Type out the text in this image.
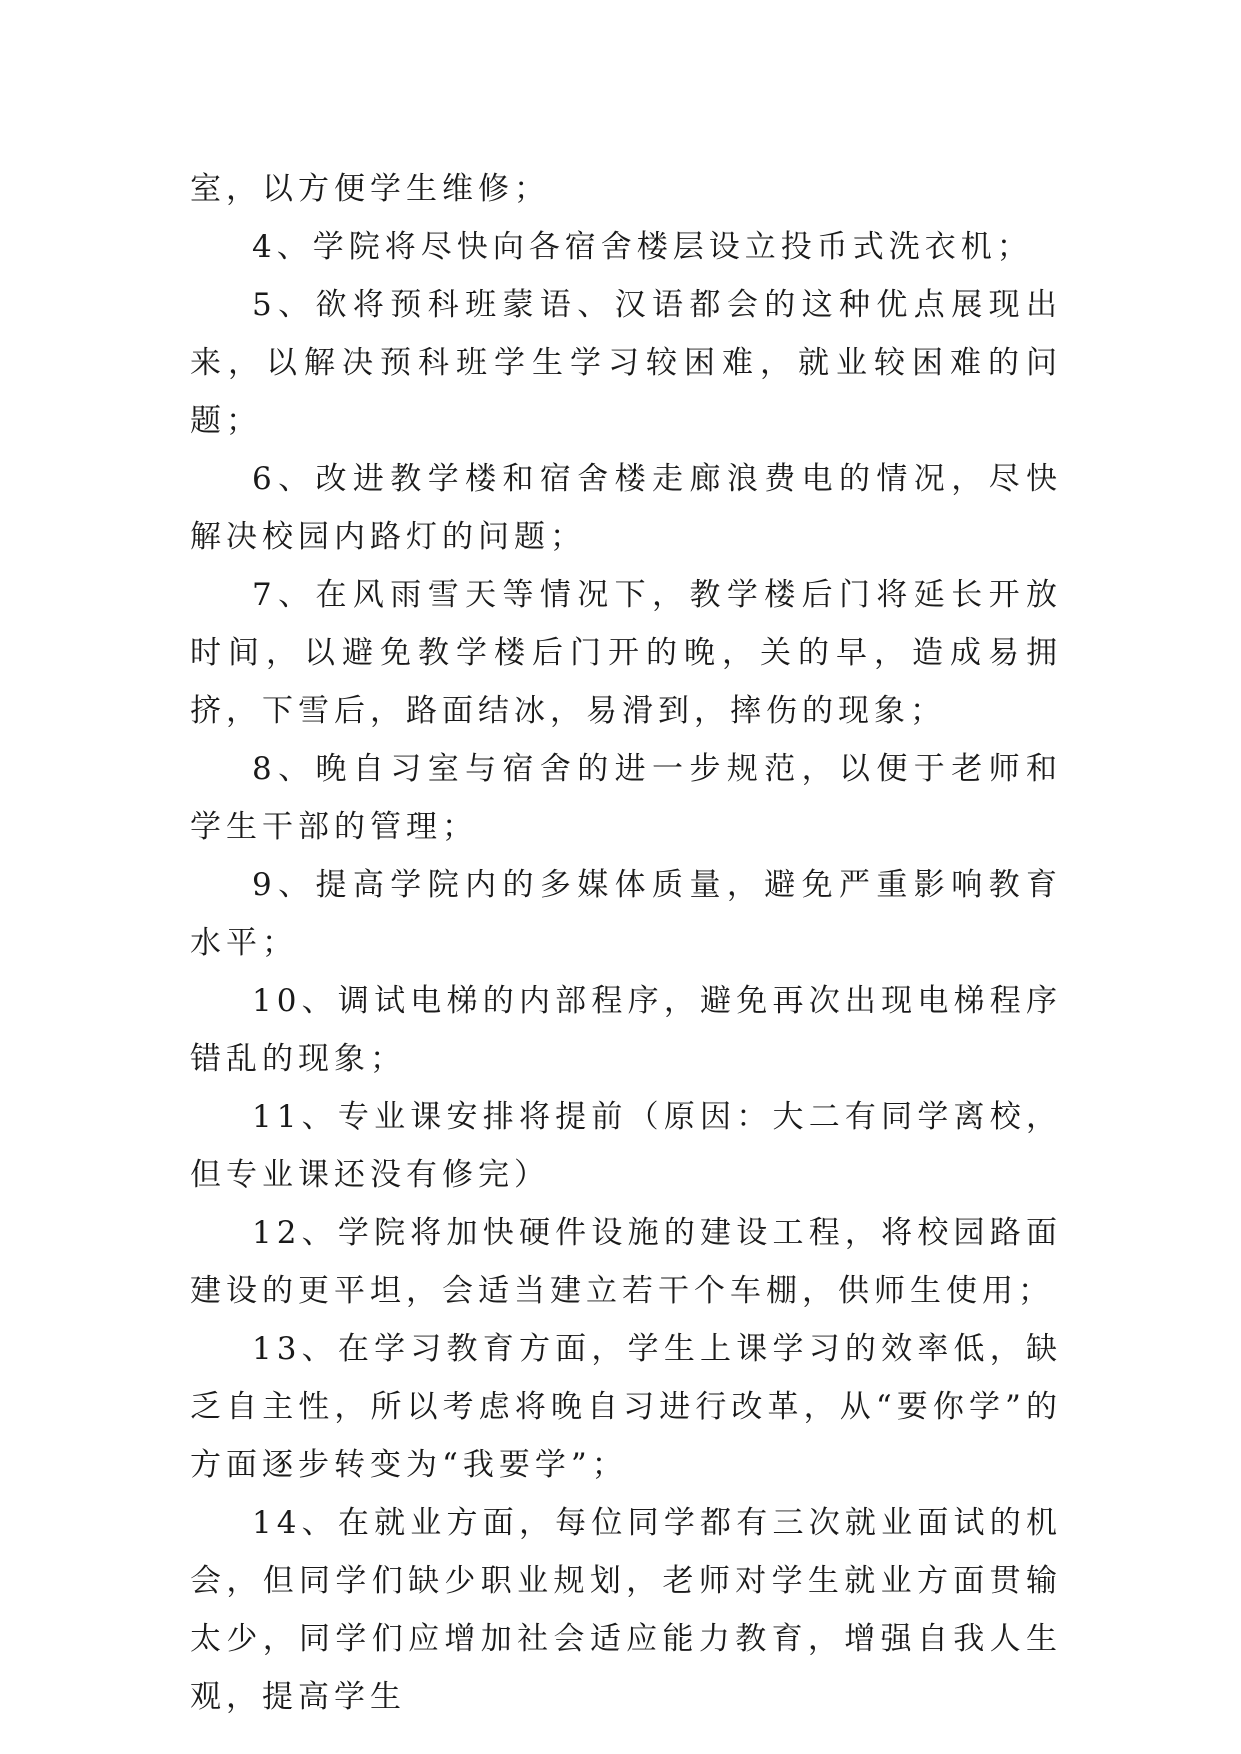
室，以方便学生维修；

4、学院将尽快向各宿舍楼层设立投币式洗衣机；

5、欲将预科班蒙语、汉语都会的这种优点展现出来，以解决预科班学生学习较困难，就业较困难的问题；

6、改进教学楼和宿舍楼走廊浪费电的情况，尽快解决校园内路灯的问题；

7、在风雨雪天等情况下，教学楼后门将延长开放时间，以避免教学楼后门开的晚，关的早，造成易拥挤，下雪后，路面结冰，易滑到，摔伤的现象；

8、晚自习室与宿舍的进一步规范，以便于老师和学生干部的管理；

9、提高学院内的多媒体质量，避免严重影响教育水平；

10、调试电梯的内部程序，避免再次出现电梯程序错乱的现象；

11、专业课安排将提前（原因：大二有同学离校，但专业课还没有修完）

12、学院将加快硬件设施的建设工程，将校园路面建设的更平坦，会适当建立若干个车棚，供师生使用；

13、在学习教育方面，学生上课学习的效率低，缺乏自主性，所以考虑将晚自习进行改革，从“要你学”的方面逐步转变为“我要学”；

14、在就业方面，每位同学都有三次就业面试的机会，但同学们缺少职业规划，老师对学生就业方面贯输太少，同学们应增加社会适应能力教育，增强自我人生观，提高学生
